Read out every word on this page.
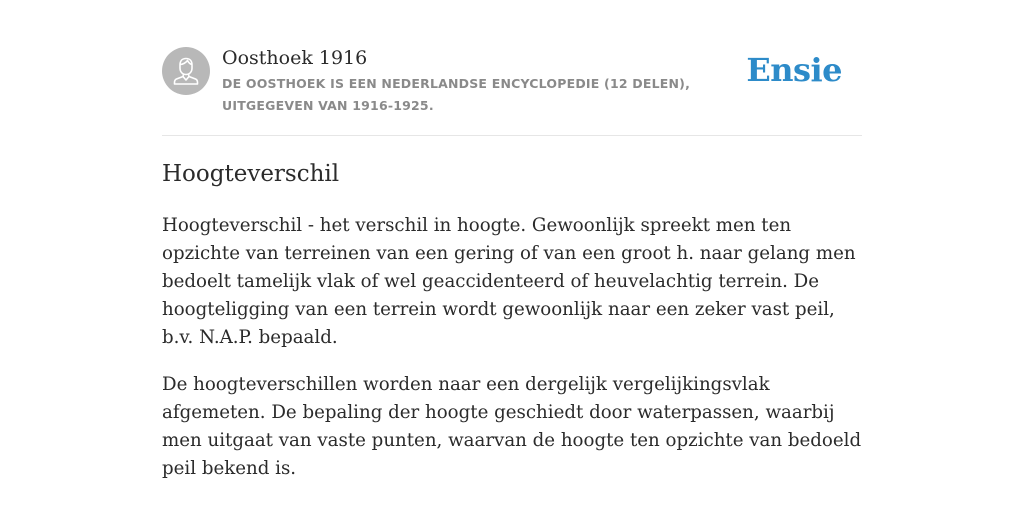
Oosthoek 1916
DE OOSTHOEK IS EEN NEDERLANDSE ENCYCLOPEDIE (12 DELEN), UITGEGEVEN VAN 1916-1925.
Ensie
Hoogteverschil

Hoogteverschil - het verschil in hoogte. Gewoonlijk spreekt men ten opzichte van terreinen van een gering of van een groot h. naar gelang men bedoelt tamelijk vlak of wel geaccidenteerd of heuvelachtig terrein. De hoogteligging van een terrein wordt gewoonlijk naar een zeker vast peil, b.v. N.A.P. bepaald.

De hoogteverschillen worden naar een dergelijk vergelijkingsvlak afgemeten. De bepaling der hoogte geschiedt door waterpassen, waarbij men uitgaat van vaste punten, waarvan de hoogte ten opzichte van bedoeld peil bekend is.
